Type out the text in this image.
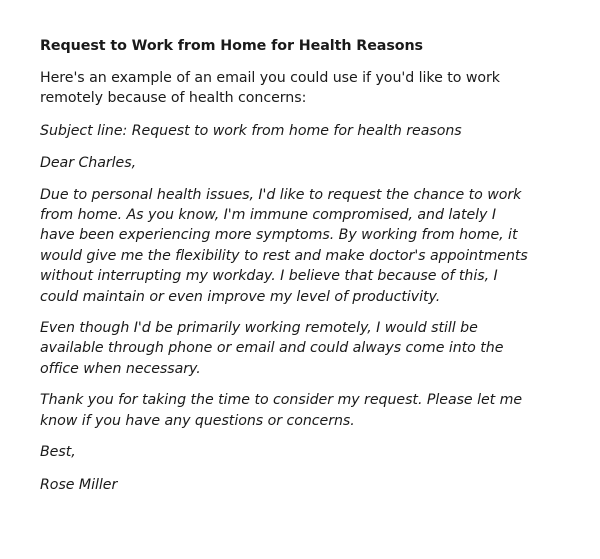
Request to Work from Home for Health Reasons
Here's an example of an email you could use if you'd like to work
remotely because of health concerns:
Subject line: Request to work from home for health reasons
Dear Charles,
Due to personal health issues, I'd like to request the chance to work
from home. As you know, I'm immune compromised, and lately I
have been experiencing more symptoms. By working from home, it
would give me the flexibility to rest and make doctor's appointments
without interrupting my workday. I believe that because of this, I
could maintain or even improve my level of productivity.
Even though I'd be primarily working remotely, I would still be
available through phone or email and could always come into the
office when necessary.
Thank you for taking the time to consider my request. Please let me
know if you have any questions or concerns.
Best,
Rose Miller
